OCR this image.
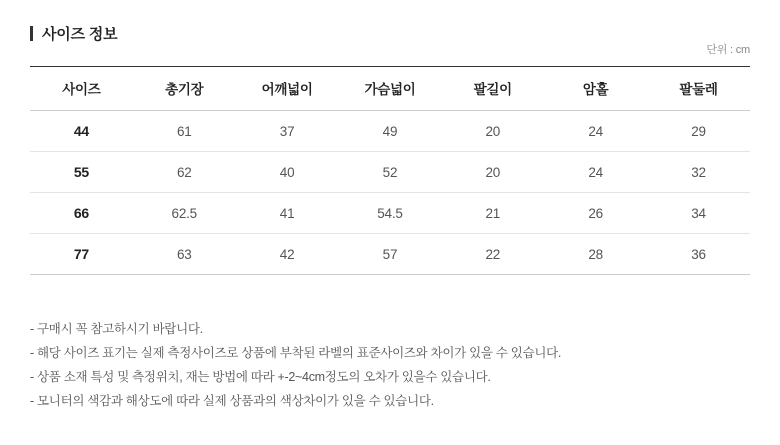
사이즈 정보
단위 : cm
사이즈	총기장	어깨넓이	가슴넓이	팔길이	암홀	팔둘레
44	61	37	49	20	24	29
55	62	40	52	20	24	32
66	62.5	41	54.5	21	26	34
77	63	42	57	22	28	36
- 구매시 꼭 참고하시기 바랍니다.
- 해당 사이즈 표기는 실제 측정사이즈로 상품에 부착된 라벨의 표준사이즈와 차이가 있을 수 있습니다.
- 상품 소재 특성 및 측정위치, 재는 방법에 따라 +-2~4cm정도의 오차가 있을수 있습니다.
- 모니터의 색감과 해상도에 따라 실제 상품과의 색상차이가 있을 수 있습니다.
